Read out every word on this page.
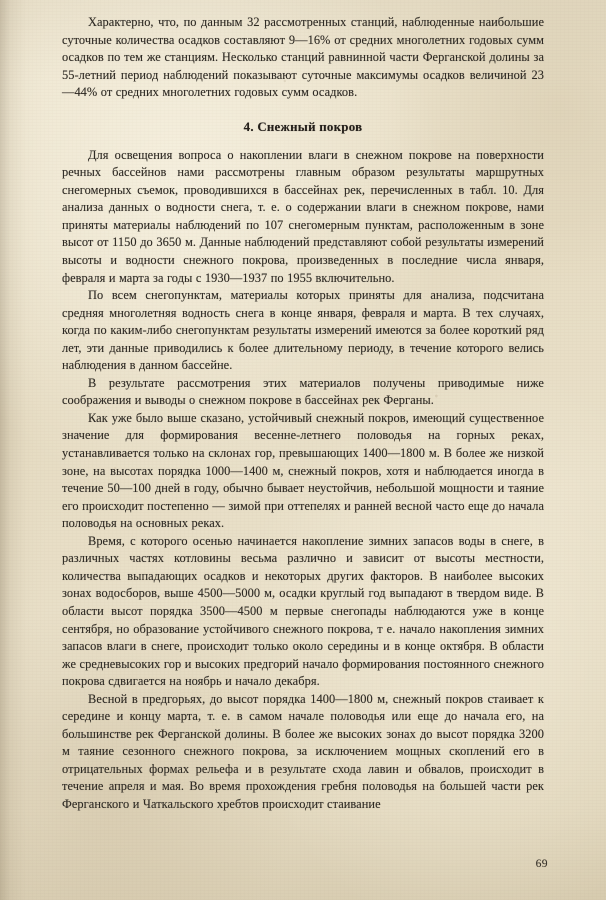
Характерно, что, по данным 32 рассмотренных станций, наблюденные наибольшие суточные количества осадков составляют 9—16% от средних многолетних годовых сумм осадков по тем же станциям. Несколько станций равнинной части Ферганской долины за 55-летний период наблюдений показывают суточные максимумы осадков величиной 23—44% от средних многолетних годовых сумм осадков.

4. Снежный покров

Для освещения вопроса о накоплении влаги в снежном покрове на поверхности речных бассейнов нами рассмотрены главным образом результаты маршрутных снегомерных съемок, проводившихся в бассейнах рек, перечисленных в табл. 10. Для анализа данных о водности снега, т. е. о содержании влаги в снежном покрове, нами приняты материалы наблюдений по 107 снегомерным пунктам, расположенным в зоне высот от 1150 до 3650 м. Данные наблюдений представляют собой результаты измерений высоты и водности снежного покрова, произведенных в последние числа января, февраля и марта за годы с 1930—1937 по 1955 включительно.

По всем снегопунктам, материалы которых приняты для анализа, подсчитана средняя многолетняя водность снега в конце января, февраля и марта. В тех случаях, когда по каким-либо снегопунктам результаты измерений имеются за более короткий ряд лет, эти данные приводились к более длительному периоду, в течение которого велись наблюдения в данном бассейне.

В результате рассмотрения этих материалов получены приводимые ниже соображения и выводы о снежном покрове в бассейнах рек Ферганы.

Как уже было выше сказано, устойчивый снежный покров, имеющий существенное значение для формирования весенне-летнего половодья на горных реках, устанавливается только на склонах гор, превышающих 1400—1800 м. В более же низкой зоне, на высотах порядка 1000—1400 м, снежный покров, хотя и наблюдается иногда в течение 50—100 дней в году, обычно бывает неустойчив, небольшой мощности и таяние его происходит постепенно — зимой при оттепелях и ранней весной часто еще до начала половодья на основных реках.

Время, с которого осенью начинается накопление зимних запасов воды в снеге, в различных частях котловины весьма различно и зависит от высоты местности, количества выпадающих осадков и некоторых других факторов. В наиболее высоких зонах водосборов, выше 4500—5000 м, осадки круглый год выпадают в твердом виде. В области высот порядка 3500—4500 м первые снегопады наблюдаются уже в конце сентября, но образование устойчивого снежного покрова, т е. начало накопления зимних запасов влаги в снеге, происходит только около середины и в конце октября. В области же средневысоких гор и высоких предгорий начало формирования постоянного снежного покрова сдвигается на ноябрь и начало декабря.

Весной в предгорьях, до высот порядка 1400—1800 м, снежный покров стаивает к середине и концу марта, т. е. в самом начале половодья или еще до начала его, на большинстве рек Ферганской долины. В более же высоких зонах до высот порядка 3200 м таяние сезонного снежного покрова, за исключением мощных скоплений его в отрицательных формах рельефа и в результате схода лавин и обвалов, происходит в течение апреля и мая. Во время прохождения гребня половодья на большей части рек Ферганского и Чаткальского хребтов происходит стаивание

69
